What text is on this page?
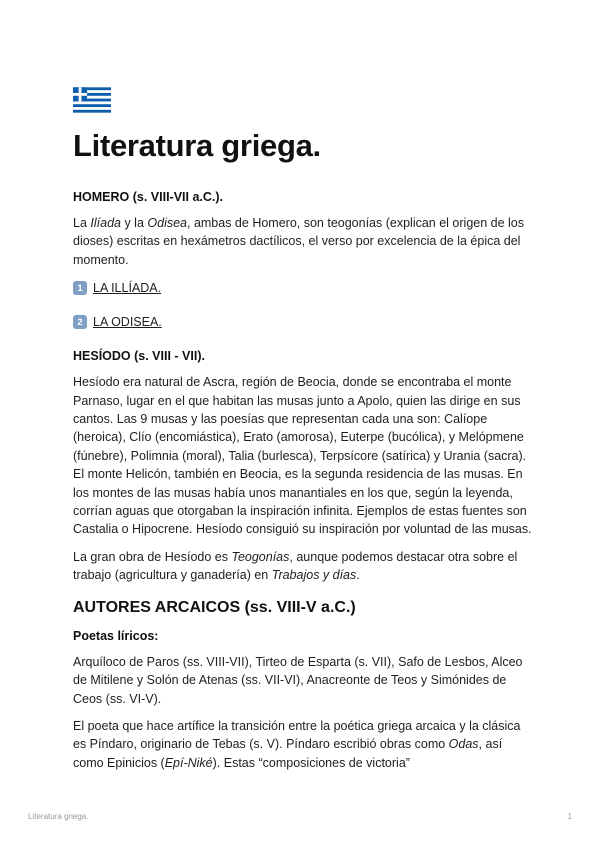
Literatura griega.
HOMERO (s. VIII-VII a.C.).

La Ilíada y la Odisea, ambas de Homero, son teogonías (explican el origen de los dioses) escritas en hexámetros dactílicos, el verso por excelencia de la épica del momento.

1 LA ILLÍADA.
2 LA ODISEA.
HESÍODO (s. VIII - VII).

Hesíodo era natural de Ascra, región de Beocia, donde se encontraba el monte Parnaso, lugar en el que habitan las musas junto a Apolo, quien las dirige en sus cantos. Las 9 musas y las poesías que representan cada una son: Calíope (heroica), Clío (encomiástica), Erato (amorosa), Euterpe (bucólica), y Melópmene (fúnebre), Polimnia (moral), Talia (burlesca), Terpsícore (satírica) y Urania (sacra). El monte Helicón, también en Beocia, es la segunda residencia de las musas. En los montes de las musas había unos manantiales en los que, según la leyenda, corrían aguas que otorgaban la inspiración infinita. Ejemplos de estas fuentes son Castalia o Hipocrene. Hesíodo consiguió su inspiración por voluntad de las musas.

La gran obra de Hesíodo es Teogonías, aunque podemos destacar otra sobre el trabajo (agricultura y ganadería) en Trabajos y días.

AUTORES ARCAICOS (ss. VIII-V a.C.)
Poetas líricos:

Arquíloco de Paros (ss. VIII-VII), Tirteo de Esparta (s. VII), Safo de Lesbos, Alceo de Mitilene y Solón de Atenas (ss. VII-VI), Anacreonte de Teos y Simónides de Ceos (ss. VI-V).

El poeta que hace artífice la transición entre la poética griega arcaica y la clásica es Píndaro, originario de Tebas (s. V). Píndaro escribió obras como Odas, así como Epinicios (Epí-Niké). Estas “composiciones de victoria”

Literatura griega.	1
